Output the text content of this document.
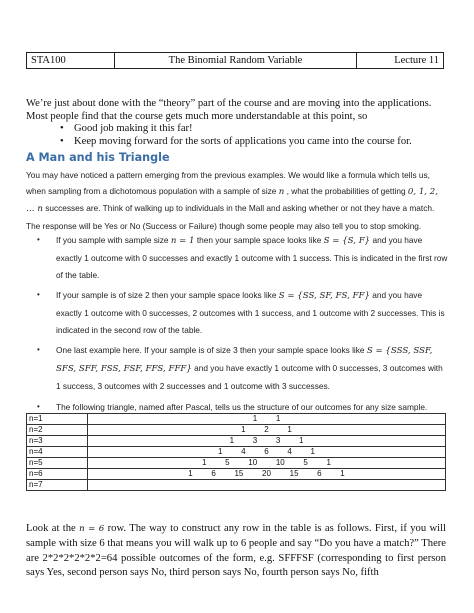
STA100	The Binomial Random Variable	Lecture 11

We’re just about done with the “theory” part of the course and are moving into the applications.

Most people find that the course gets much more understandable at this point, so

• Good job making it this far!
• Keep moving forward for the sorts of applications you came into the course for.
A Man and his Triangle

You may have noticed a pattern emerging from the previous examples. We would like a formula which tells us, when sampling from a dichotomous population with a sample of size n , what the probabilities of getting 0, 1, 2, … n successes are. Think of walking up to individuals in the Mall and asking whether or not they have a match. The response will be Yes or No (Success or Failure) though some people may also tell you to stop smoking.

• If you sample with sample size n = 1 then your sample space looks like S = {S, F} and you have exactly 1 outcome with 0 successes and exactly 1 outcome with 1 success. This is indicated in the first row of the table.
• If your sample is of size 2 then your sample space looks like S = {SS, SF, FS, FF} and you have exactly 1 outcome with 0 successes, 2 outcomes with 1 success, and 1 outcome with 2 successes. This is indicated in the second row of the table.
• One last example here. If your sample is of size 3 then your sample space looks like S = {SSS, SSF, SFS, SFF, FSS, FSF, FFS, FFF} and you have exactly 1 outcome with 0 successes, 3 outcomes with 1 success, 3 outcomes with 2 successes and 1 outcome with 3 successes.
• The following triangle, named after Pascal, tells us the structure of our outcomes for any size sample.
n=1	1   1
n=2	1   2   1
n=3	1   3   3   1
n=4	1   4   6   4   1
n=5	1   5   10   10   5   1
n=6	1   6   15   20   15   6   1
n=7	

Look at the n = 6 row. The way to construct any row in the table is as follows. First, if you will sample with size 6 that means you will walk up to 6 people and say “Do you have a match?” There are 2*2*2*2*2*2=64 possible outcomes of the form, e.g. SFFFSF (corresponding to first person says Yes, second person says No, third person says No, fourth person says No, fifth
